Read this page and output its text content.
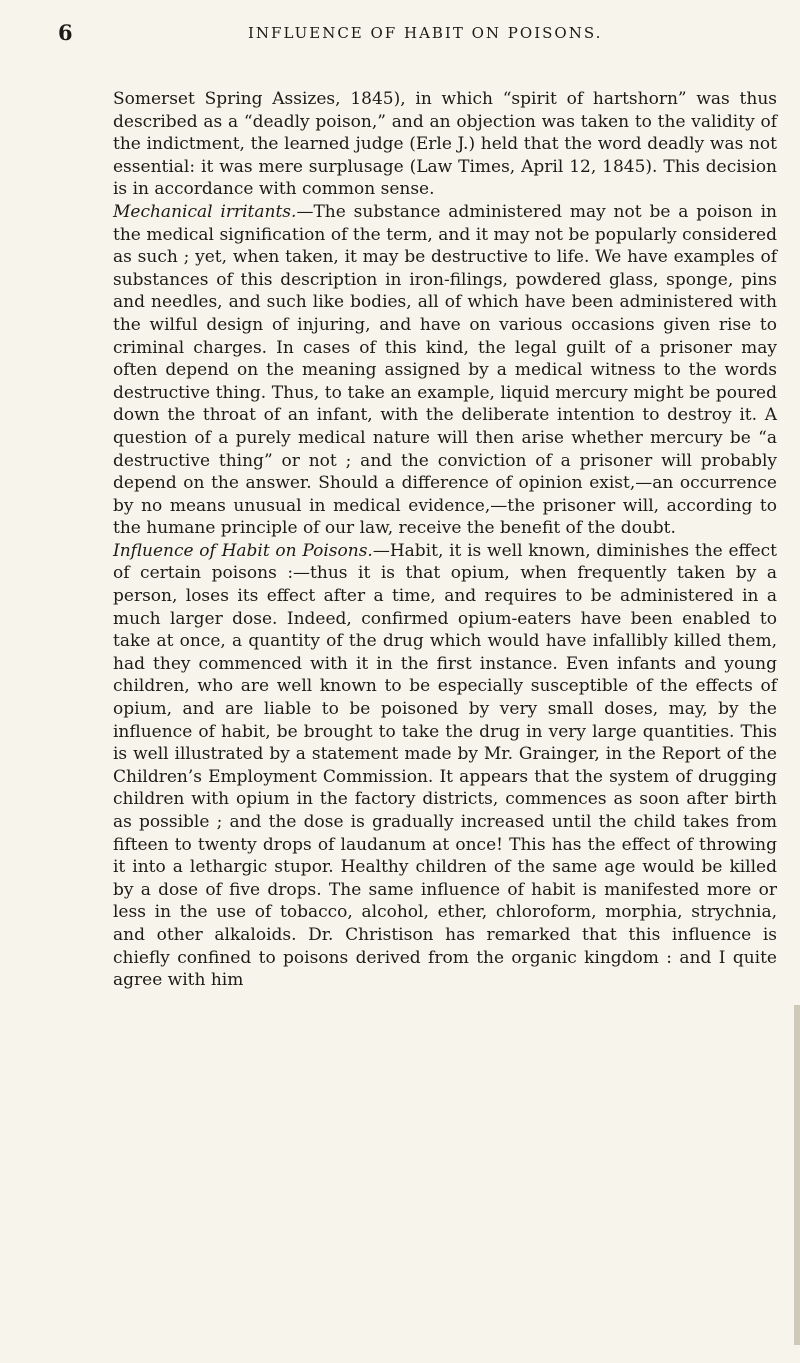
6	INFLUENCE OF HABIT ON POISONS.

Somerset Spring Assizes, 1845), in which “spirit of hartshorn” was thus described as a “deadly poison,” and an objection was taken to the validity of the indictment, the learned judge (Erle J.) held that the word deadly was not essential: it was mere surplusage (Law Times, April 12, 1845). This decision is in accordance with common sense.

Mechanical irritants.—The substance administered may not be a poison in the medical signification of the term, and it may not be popularly considered as such ; yet, when taken, it may be destructive to life. We have examples of substances of this description in iron-filings, powdered glass, sponge, pins and needles, and such like bodies, all of which have been administered with the wilful design of injuring, and have on various occasions given rise to criminal charges. In cases of this kind, the legal guilt of a prisoner may often depend on the meaning assigned by a medical witness to the words destructive thing. Thus, to take an example, liquid mercury might be poured down the throat of an infant, with the deliberate intention to destroy it. A question of a purely medical nature will then arise whether mercury be “a destructive thing” or not ; and the conviction of a prisoner will probably depend on the answer. Should a difference of opinion exist,—an occurrence by no means unusual in medical evidence,—the prisoner will, according to the humane principle of our law, receive the benefit of the doubt.

Influence of Habit on Poisons.—Habit, it is well known, diminishes the effect of certain poisons :—thus it is that opium, when frequently taken by a person, loses its effect after a time, and requires to be administered in a much larger dose. Indeed, confirmed opium-eaters have been enabled to take at once, a quantity of the drug which would have infallibly killed them, had they commenced with it in the first instance. Even infants and young children, who are well known to be especially susceptible of the effects of opium, and are liable to be poisoned by very small doses, may, by the influence of habit, be brought to take the drug in very large quantities. This is well illustrated by a statement made by Mr. Grainger, in the Report of the Children’s Employment Commission. It appears that the system of drugging children with opium in the factory districts, commences as soon after birth as possible ; and the dose is gradually increased until the child takes from fifteen to twenty drops of laudanum at once! This has the effect of throwing it into a lethargic stupor. Healthy children of the same age would be killed by a dose of five drops. The same influence of habit is manifested more or less in the use of tobacco, alcohol, ether, chloroform, morphia, strychnia, and other alkaloids. Dr. Christison has remarked that this influence is chiefly confined to poisons derived from the organic kingdom : and I quite agree with him
